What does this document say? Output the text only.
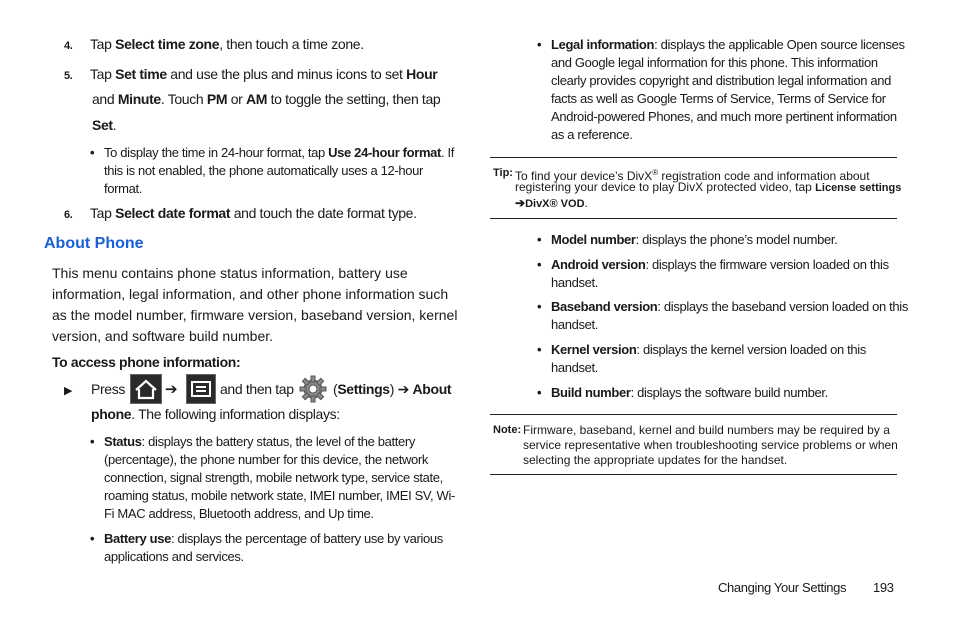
4. Tap Select time zone, then touch a time zone.
5. Tap Set time and use the plus and minus icons to set Hour
and Minute. Touch PM or AM to toggle the setting, then tap
Set.
• To display the time in 24-hour format, tap Use 24-hour format. If
this is not enabled, the phone automatically uses a 12-hour
format.
6. Tap Select date format and touch the date format type.
About Phone
This menu contains phone status information, battery use
information, legal information, and other phone information such
as the model number, firmware version, baseband version, kernel
version, and software build number.
To access phone information:
▶ Press	➔	and then tap	(Settings) ➔ About
phone. The following information displays:
• Status: displays the battery status, the level of the battery
(percentage), the phone number for this device, the network
connection, signal strength, mobile network type, service state,
roaming status, mobile network state, IMEI number, IMEI SV, Wi-
Fi MAC address, Bluetooth address, and Up time.
• Battery use: displays the percentage of battery use by various
applications and services.
• Legal information: displays the applicable Open source licenses
and Google legal information for this phone. This information
clearly provides copyright and distribution legal information and
facts as well as Google Terms of Service, Terms of Service for
Android-powered Phones, and much more pertinent information
as a reference.
Tip: To find your device’s DivX® registration code and information about
registering your device to play DivX protected video, tap License settings
➔DivX® VOD.
• Model number: displays the phone’s model number.
• Android version: displays the firmware version loaded on this
handset.
• Baseband version: displays the baseband version loaded on this
handset.
• Kernel version: displays the kernel version loaded on this
handset.
• Build number: displays the software build number.
Note: Firmware, baseband, kernel and build numbers may be required by a
service representative when troubleshooting service problems or when
selecting the appropriate updates for the handset.
Changing Your Settings 193
